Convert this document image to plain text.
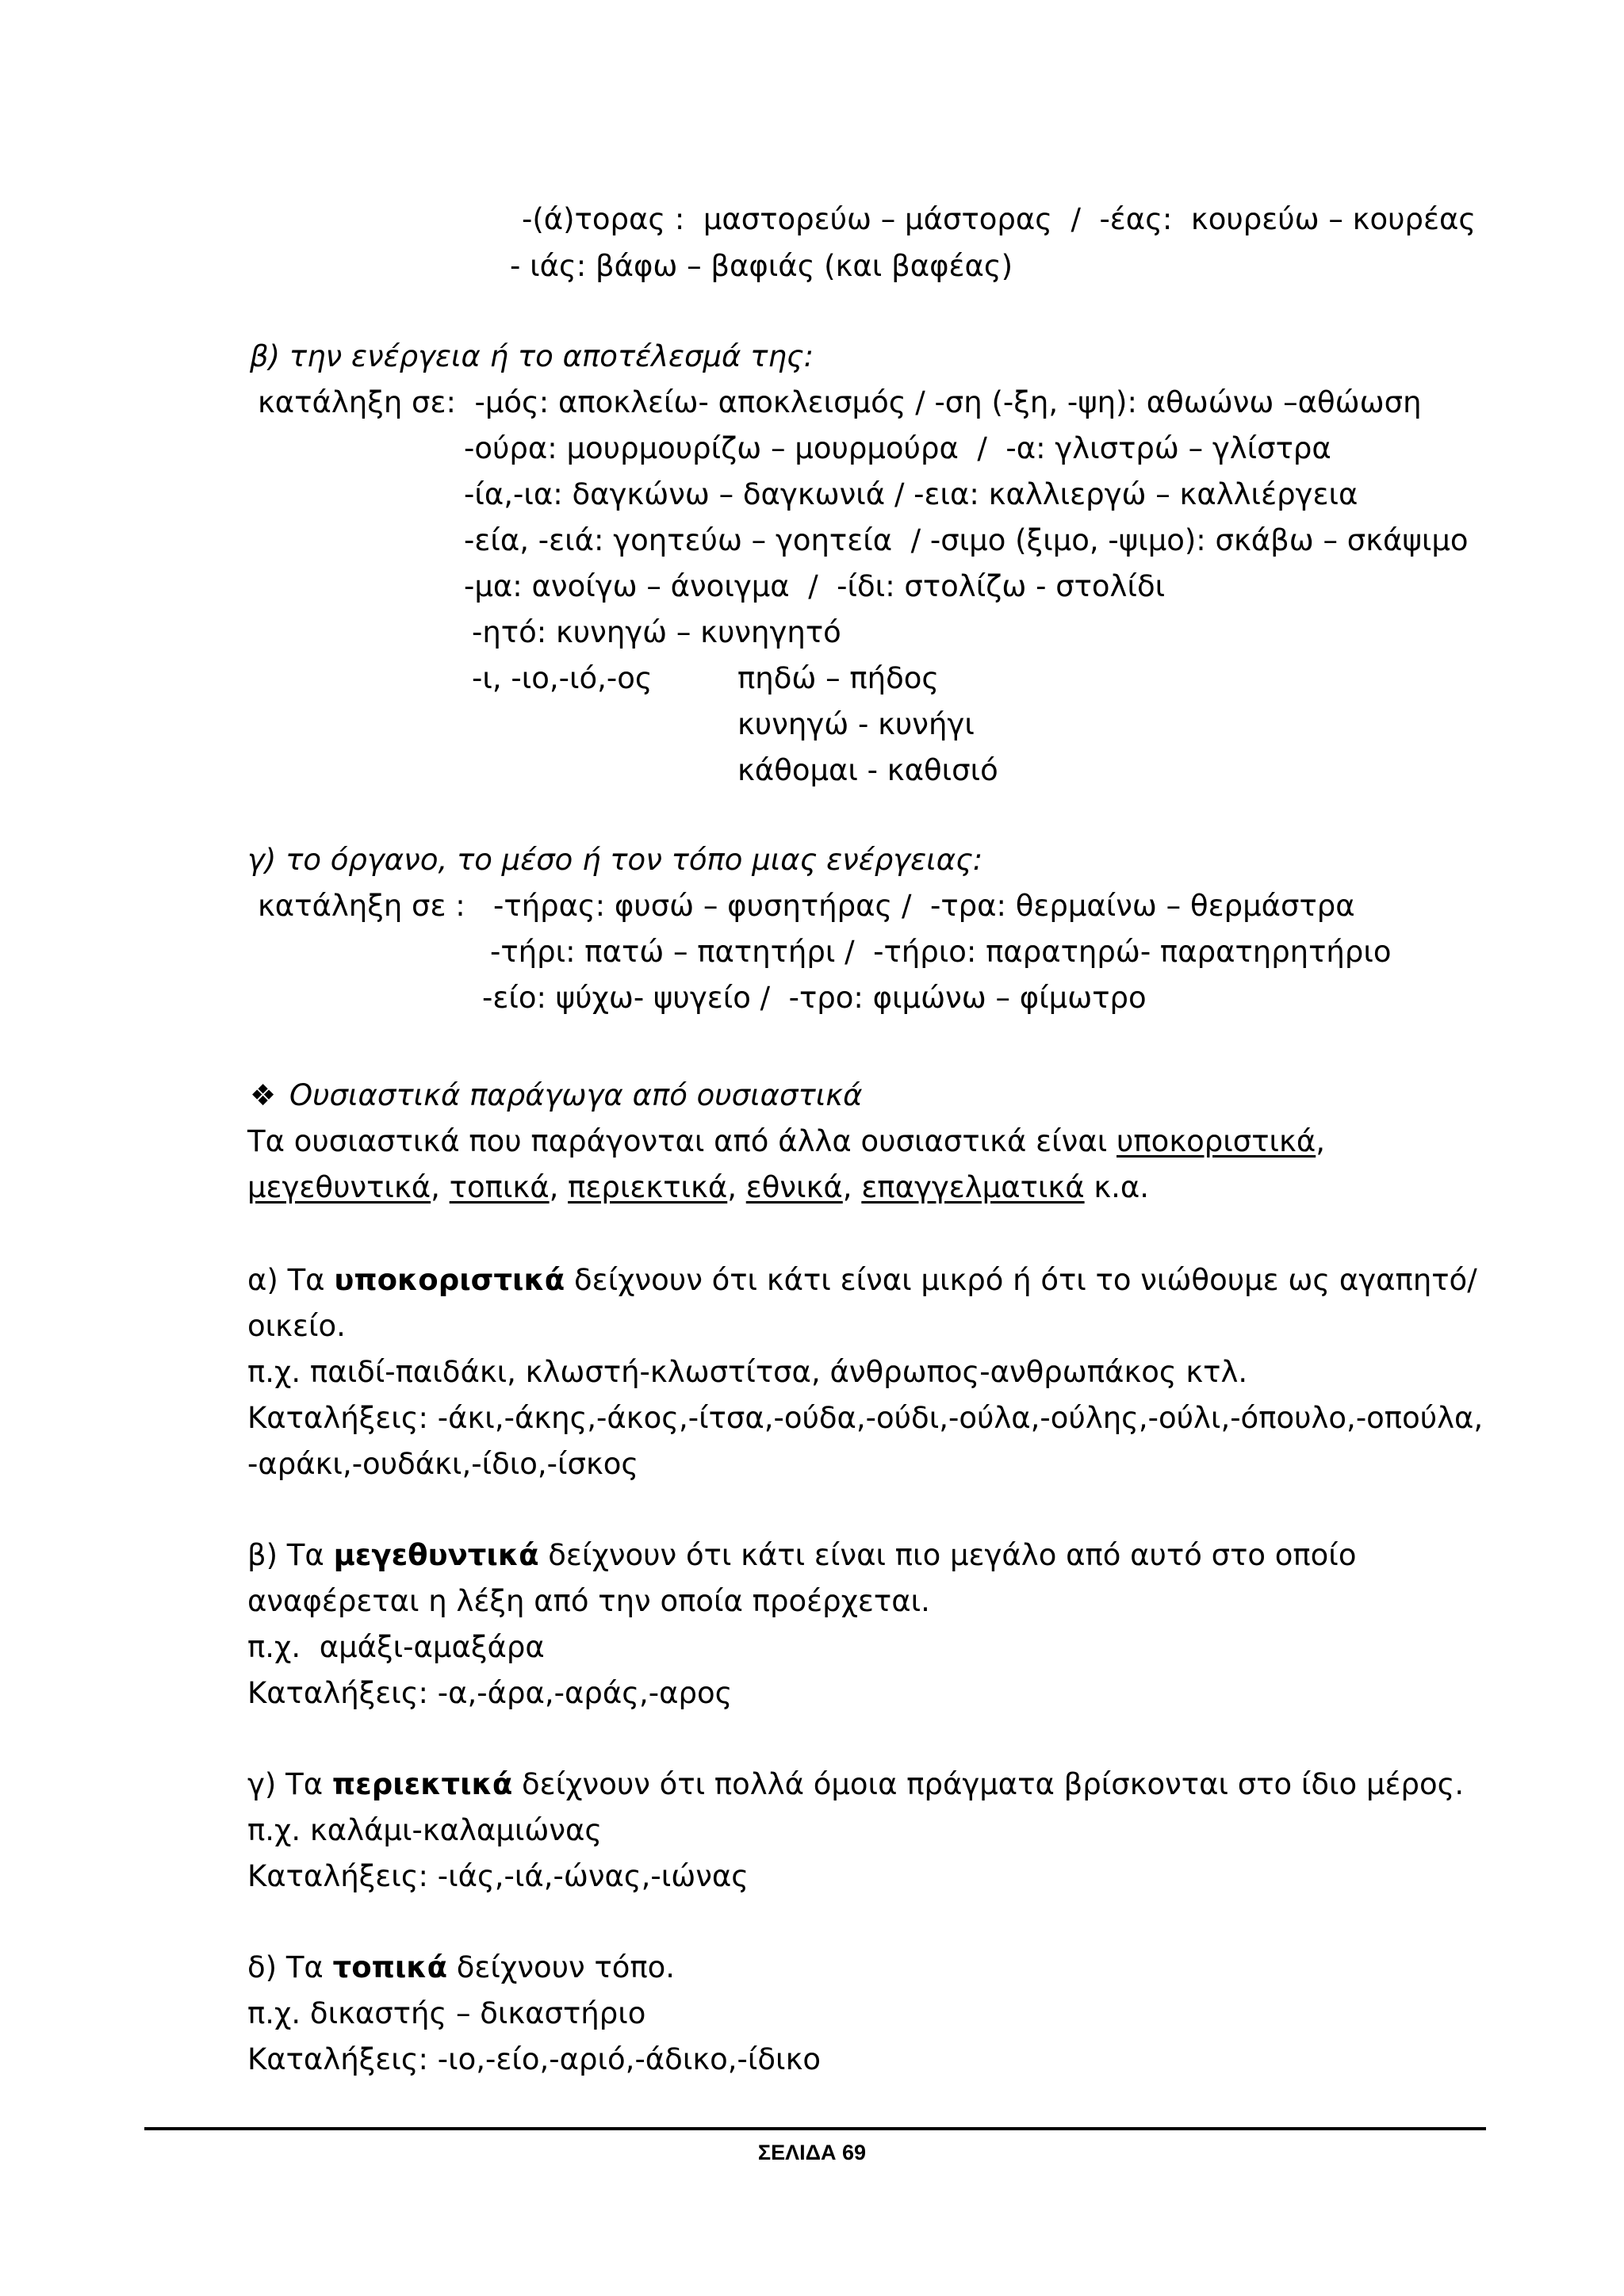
-(ά)τορας :  μαστορεύω – μάστορας  /  -έας:  κουρεύω – κουρέας
- ιάς: βάφω – βαφιάς (και βαφέας)
β) την ενέργεια ή το αποτέλεσμά της:
κατάληξη σε:  -μός: αποκλείω- αποκλεισμός / -ση (-ξη, -ψη): αθωώνω –αθώωση
-ούρα: μουρμουρίζω – μουρμούρα  /  -α: γλιστρώ – γλίστρα
-ία,-ια: δαγκώνω – δαγκωνιά / -εια: καλλιεργώ – καλλιέργεια
-εία, -ειά: γοητεύω – γοητεία  / -σιμο (ξιμο, -ψιμο): σκάβω – σκάψιμο
-μα: ανοίγω – άνοιγμα  /  -ίδι: στολίζω - στολίδι
-ητό: κυνηγώ – κυνηγητό
-ι, -ιο,-ιό,-ος	πηδώ – πήδος
κυνηγώ - κυνήγι
κάθομαι - καθισιό
γ) το όργανο, το μέσο ή τον τόπο μιας ενέργειας:
κατάληξη σε :   -τήρας: φυσώ – φυσητήρας /  -τρα: θερμαίνω – θερμάστρα
-τήρι: πατώ – πατητήρι /  -τήριο: παρατηρώ- παρατηρητήριο
-είο: ψύχω- ψυγείο /  -τρο: φιμώνω – φίμωτρο
❖ Ουσιαστικά παράγωγα από ουσιαστικά
Τα ουσιαστικά που παράγονται από άλλα ουσιαστικά είναι υποκοριστικά,
μεγεθυντικά, τοπικά, περιεκτικά, εθνικά, επαγγελματικά κ.α.
α) Τα υποκοριστικά δείχνουν ότι κάτι είναι μικρό ή ότι το νιώθουμε ως αγαπητό/
οικείο.
π.χ. παιδί-παιδάκι, κλωστή-κλωστίτσα, άνθρωπος-ανθρωπάκος κτλ.
Καταλήξεις: -άκι,-άκης,-άκος,-ίτσα,-ούδα,-ούδι,-ούλα,-ούλης,-ούλι,-όπουλο,-οπούλα,
-αράκι,-ουδάκι,-ίδιο,-ίσκος
β) Τα μεγεθυντικά δείχνουν ότι κάτι είναι πιο μεγάλο από αυτό στο οποίο
αναφέρεται η λέξη από την οποία προέρχεται.
π.χ.  αμάξι-αμαξάρα
Καταλήξεις: -α,-άρα,-αράς,-αρος
γ) Τα περιεκτικά δείχνουν ότι πολλά όμοια πράγματα βρίσκονται στο ίδιο μέρος.
π.χ. καλάμι-καλαμιώνας
Καταλήξεις: -ιάς,-ιά,-ώνας,-ιώνας
δ) Τα τοπικά δείχνουν τόπο.
π.χ. δικαστής – δικαστήριο
Καταλήξεις: -ιο,-είο,-αριό,-άδικο,-ίδικο
ΣΕΛΙΔΑ 69
